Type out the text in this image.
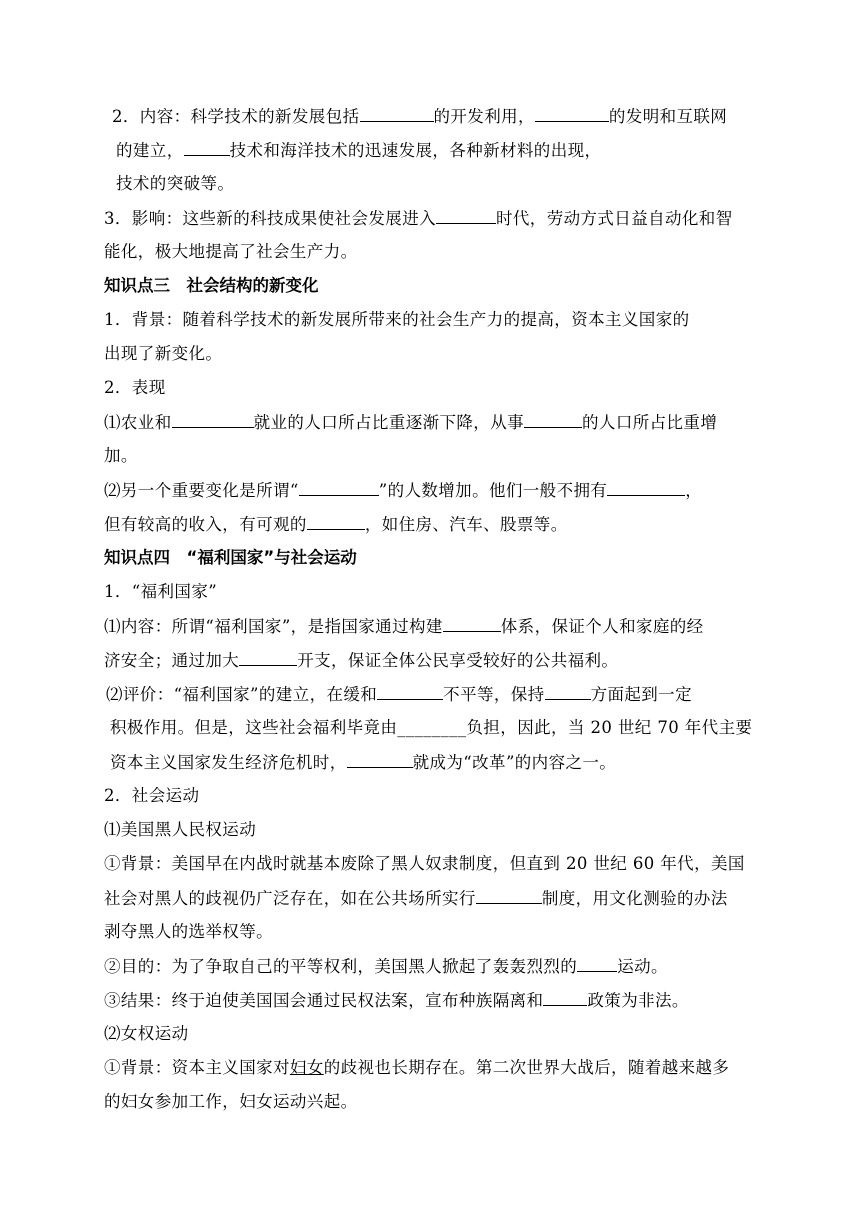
2．内容：科学技术的新发展包括	的开发利用，	的发明和互联网
的建立，	技术和海洋技术的迅速发展，各种新材料的出现，
技术的突破等。
3．影响：这些新的科技成果使社会发展进入	时代，劳动方式日益自动化和智
能化，极大地提高了社会生产力。
知识点三　社会结构的新变化
1．背景：随着科学技术的新发展所带来的社会生产力的提高，资本主义国家的
出现了新变化。
2．表现
⑴农业和	就业的人口所占比重逐渐下降，从事	的人口所占比重增
加。
⑵另一个重要变化是所谓“	”的人数增加。他们一般不拥有	，
但有较高的收入，有可观的	，如住房、汽车、股票等。
知识点四　“福利国家”与社会运动
1．“福利国家”
⑴内容：所谓“福利国家”，是指国家通过构建	体系，保证个人和家庭的经
济安全；通过加大	开支，保证全体公民享受较好的公共福利。
⑵评价：“福利国家”的建立，在缓和	不平等，保持	方面起到一定
积极作用。但是，这些社会福利毕竟由________负担，因此，当 20 世纪 70 年代主要
资本主义国家发生经济危机时，	就成为“改革”的内容之一。
2．社会运动
⑴美国黑人民权运动
①背景：美国早在内战时就基本废除了黑人奴隶制度，但直到 20 世纪 60 年代，美国
社会对黑人的歧视仍广泛存在，如在公共场所实行	制度，用文化测验的办法
剥夺黑人的选举权等。
②目的：为了争取自己的平等权利，美国黑人掀起了轰轰烈烈的 运动。
③结果：终于迫使美国国会通过民权法案，宣布种族隔离和	政策为非法。
⑵女权运动
①背景：资本主义国家对妇女的歧视也长期存在。第二次世界大战后，随着越来越多
的妇女参加工作，妇女运动兴起。
